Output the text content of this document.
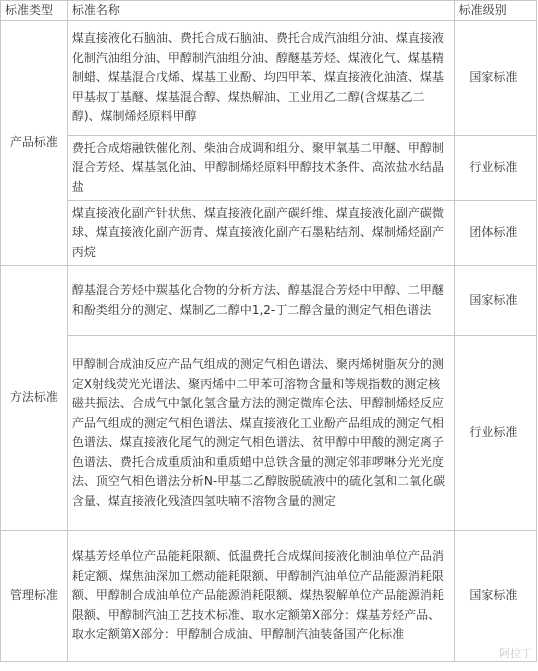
标准类型	标准名称	标准级别
产品标准	煤直接液化石脑油、费托合成石脑油、费托合成汽油组分油、煤直接液化制汽油组分油、甲醇制汽油组分油、醇醚基芳烃、煤液化气、煤基精制蜡、煤基混合戊烯、煤基工业酚、均四甲苯、煤直接液化油渣、煤基甲基叔丁基醚、煤基混合醇、煤热解油、工业用乙二醇(含煤基乙二醇)、煤制烯烃原料甲醇	国家标准
	费托合成熔融铁催化剂、柴油合成调和组分、聚甲氧基二甲醚、甲醇制混合芳烃、煤基氢化油、甲醇制烯烃原料甲醇技术条件、高浓盐水结晶盐	行业标准
	煤直接液化副产针状焦、煤直接液化副产碳纤维、煤直接液化副产碳微球、煤直接液化副产沥青、煤直接液化副产石墨粘结剂、煤制烯烃副产丙烷	团体标准
方法标准	醇基混合芳烃中羰基化合物的分析方法、醇基混合芳烃中甲醇、二甲醚和酚类组分的测定、煤制乙二醇中1,2-丁二醇含量的测定气相色谱法	国家标准
	甲醇制合成油反应产品气组成的测定气相色谱法、聚丙烯树脂灰分的测定X射线荧光光谱法、聚丙烯中二甲苯可溶物含量和等规指数的测定核磁共振法、合成气中氯化氢含量方法的测定微库仑法、甲醇制烯烃反应产品气组成的测定气相色谱法、煤直接液化工业酚产品组成的测定气相色谱法、煤直接液化尾气的测定气相色谱法、贫甲醇中甲酸的测定离子色谱法、费托合成重质油和重质蜡中总铁含量的测定邻菲啰啉分光光度法、顶空气相色谱法分析N-甲基二乙醇胺脱硫液中的硫化氢和二氧化碳含量、煤直接液化残渣四氢呋喃不溶物含量的测定	行业标准
管理标准	煤基芳烃单位产品能耗限额、低温费托合成煤间接液化制油单位产品消耗定额、煤焦油深加工燃动能耗限额、甲醇制汽油单位产品能源消耗限额、甲醇制合成油单位产品能源消耗限额、煤热裂解单位产品能源消耗限额、甲醇制汽油工艺技术标准、取水定额第X部分：煤基芳烃产品、取水定额第X部分：甲醇制合成油、甲醇制汽油装备国产化标准	国家标准
阿拉丁
